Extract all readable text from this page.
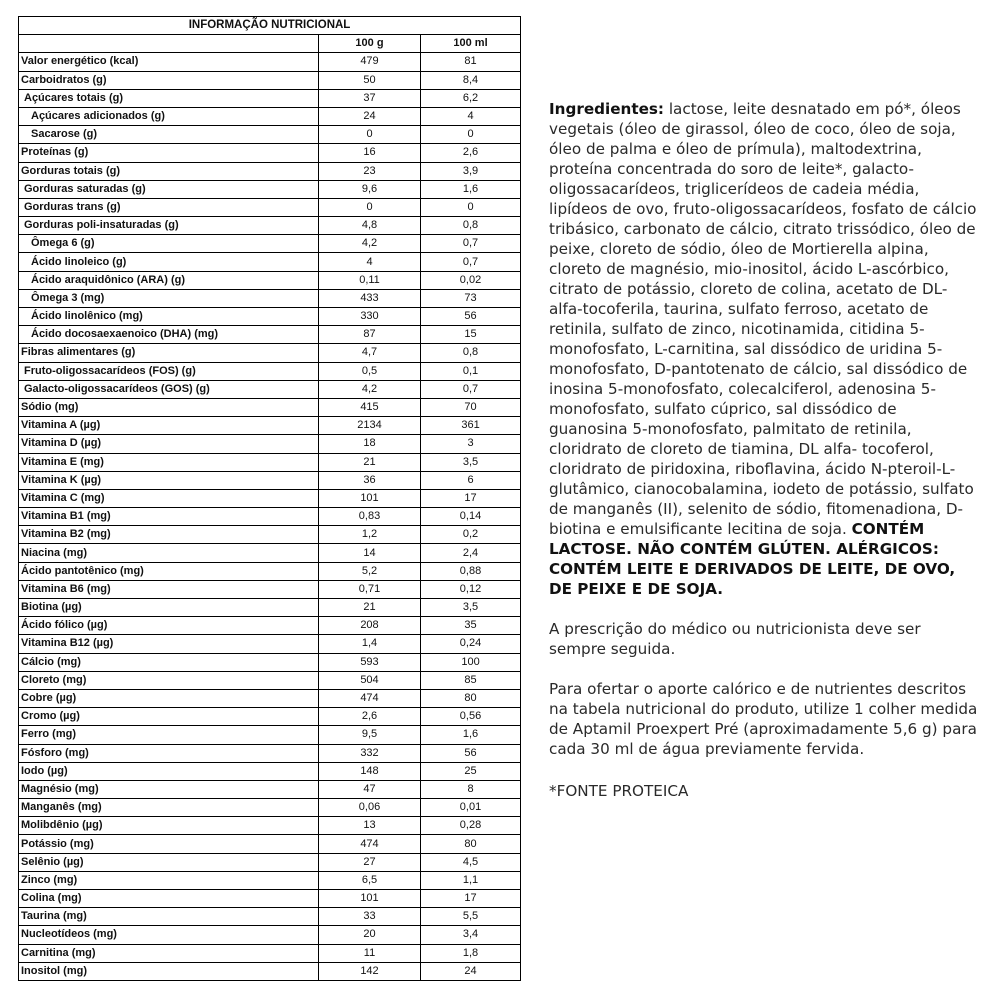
INFORMAÇÃO NUTRICIONAL		
	100 g	100 ml
Valor energético (kcal)	479	81
Carboidratos (g)	50	8,4
Açúcares totais (g)	37	6,2
Açúcares adicionados (g)	24	4
Sacarose (g)	0	0
Proteínas (g)	16	2,6
Gorduras totais (g)	23	3,9
Gorduras saturadas (g)	9,6	1,6
Gorduras trans (g)	0	0
Gorduras poli-insaturadas (g)	4,8	0,8
Ômega 6 (g)	4,2	0,7
Ácido linoleico (g)	4	0,7
Ácido araquidônico (ARA) (g)	0,11	0,02
Ômega 3 (mg)	433	73
Ácido linolênico (mg)	330	56
Ácido docosaexaenoico (DHA) (mg)	87	15
Fibras alimentares (g)	4,7	0,8
Fruto-oligossacarídeos (FOS) (g)	0,5	0,1
Galacto-oligossacarídeos (GOS) (g)	4,2	0,7
Sódio (mg)	415	70
Vitamina A (µg)	2134	361
Vitamina D (µg)	18	3
Vitamina E (mg)	21	3,5
Vitamina K (µg)	36	6
Vitamina C (mg)	101	17
Vitamina B1 (mg)	0,83	0,14
Vitamina B2 (mg)	1,2	0,2
Niacina (mg)	14	2,4
Ácido pantotênico (mg)	5,2	0,88
Vitamina B6 (mg)	0,71	0,12
Biotina (µg)	21	3,5
Ácido fólico (µg)	208	35
Vitamina B12 (µg)	1,4	0,24
Cálcio (mg)	593	100
Cloreto (mg)	504	85
Cobre (µg)	474	80
Cromo (µg)	2,6	0,56
Ferro (mg)	9,5	1,6
Fósforo (mg)	332	56
Iodo (µg)	148	25
Magnésio (mg)	47	8
Manganês (mg)	0,06	0,01
Molibdênio (µg)	13	0,28
Potássio (mg)	474	80
Selênio (µg)	27	4,5
Zinco (mg)	6,5	1,1
Colina (mg)	101	17
Taurina (mg)	33	5,5
Nucleotídeos (mg)	20	3,4
Carnitina (mg)	11	1,8
Inositol (mg)	142	24

Ingredientes: lactose, leite desnatado em pó*, óleos vegetais (óleo de girassol, óleo de coco, óleo de soja, óleo de palma e óleo de prímula), maltodextrina, proteína concentrada do soro de leite*, galacto-oligossacarídeos, triglicerídeos de cadeia média, lipídeos de ovo, fruto-oligossacarídeos, fosfato de cálcio tribásico, carbonato de cálcio, citrato trissódico, óleo de peixe, cloreto de sódio, óleo de Mortierella alpina, cloreto de magnésio, mio-inositol, ácido L-ascórbico, citrato de potássio, cloreto de colina, acetato de DL-alfa-tocoferila, taurina, sulfato ferroso, acetato de retinila, sulfato de zinco, nicotinamida, citidina 5-monofosfato, L-carnitina, sal dissódico de uridina 5-monofosfato, D-pantotenato de cálcio, sal dissódico de inosina 5-monofosfato, colecalciferol, adenosina 5-monofosfato, sulfato cúprico, sal dissódico de guanosina 5-monofosfato, palmitato de retinila, cloridrato de cloreto de tiamina, DL alfa- tocoferol, cloridrato de piridoxina, riboflavina, ácido N-pteroil-L-glutâmico, cianocobalamina, iodeto de potássio, sulfato de manganês (II), selenito de sódio, fitomenadiona, D-biotina e emulsificante lecitina de soja. CONTÉM LACTOSE. NÃO CONTÉM GLÚTEN. ALÉRGICOS: CONTÉM LEITE E DERIVADOS DE LEITE, DE OVO, DE PEIXE E DE SOJA.

A prescrição do médico ou nutricionista deve ser sempre seguida.

Para ofertar o aporte calórico e de nutrientes descritos na tabela nutricional do produto, utilize 1 colher medida de Aptamil Proexpert Pré (aproximadamente 5,6 g) para cada 30 ml de água previamente fervida.

*FONTE PROTEICA
